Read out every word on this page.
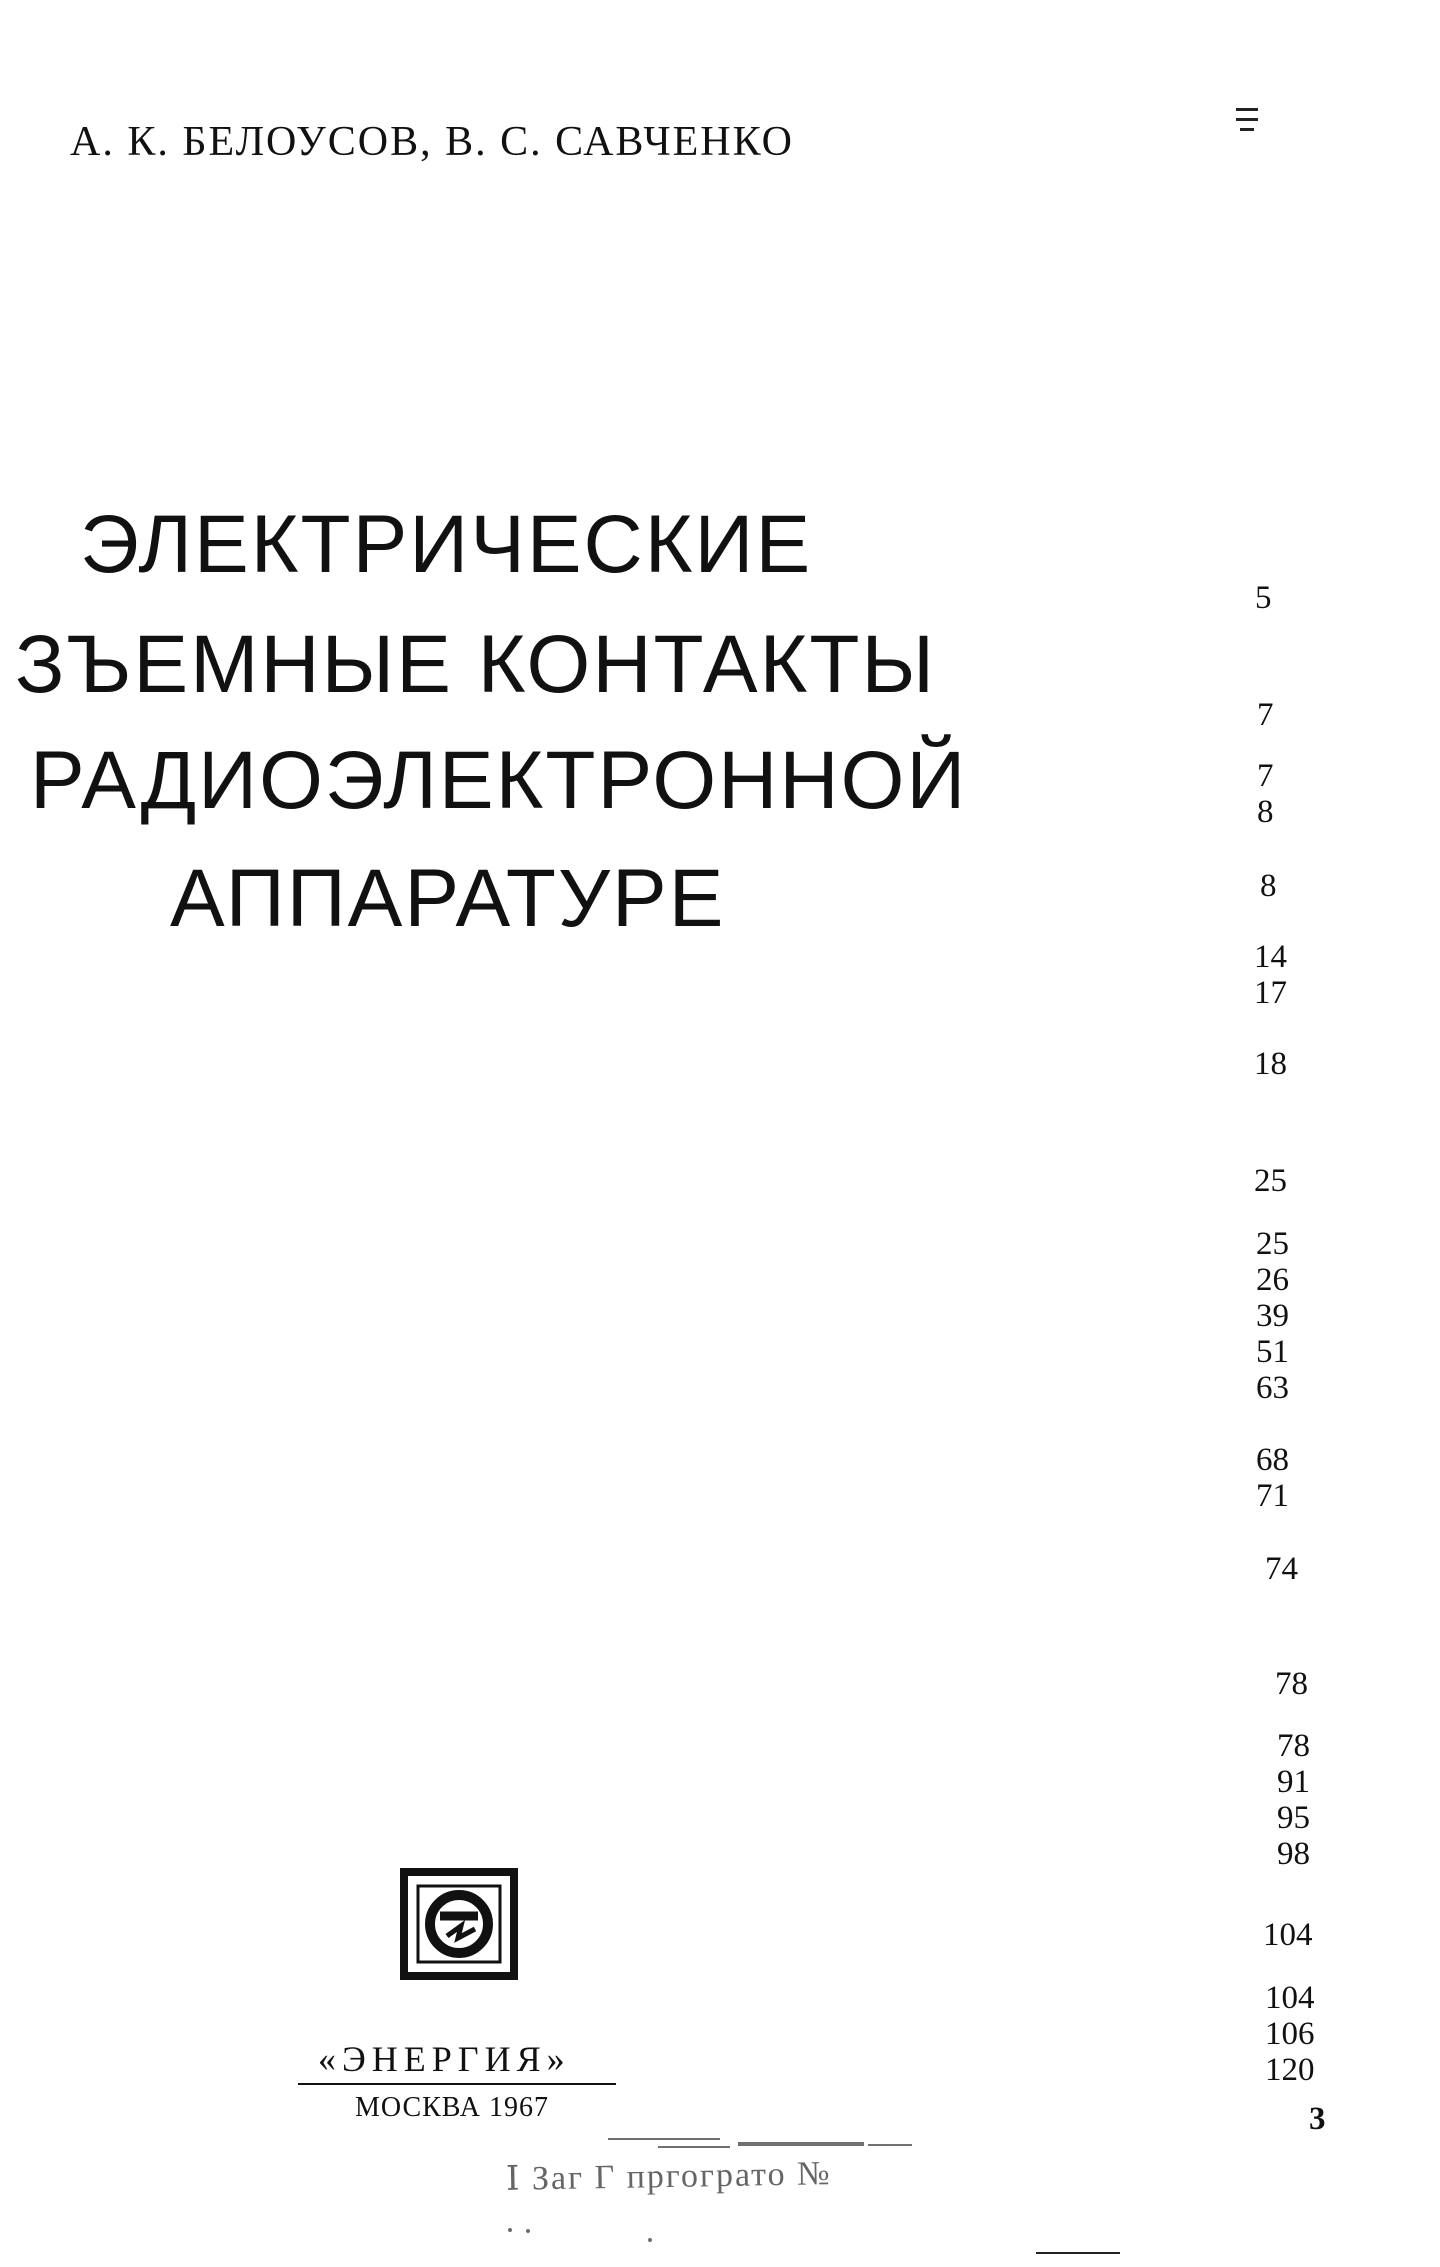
А. К. БЕЛОУСОВ, В. С. САВЧЕНКО
ЭЛЕКТРИЧЕСКИЕ
ЗЪЕМНЫЕ КОНТАКТЫ
РАДИОЭЛЕКТРОННОЙ
АППАРАТУРЕ
5
7
7
8
8
14
17
18
25
25
26
39
51
63
68
71
74
78
78
91
95
98
104
104
106
120
3
«ЭНЕРГИЯ»
МОСКВА 1967
Ⅰ Заг Г пргограто №
